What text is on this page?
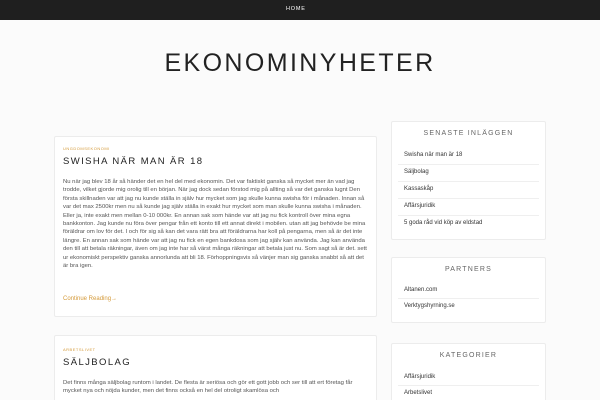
HOME
EKONOMINYHETER
UNGDOMSEKONOMI
SWISHA NÄR MAN ÄR 18

Nu när jag blev 18 år så händer det en hel del med ekonomin. Det var faktiskt ganska så mycket mer än vad jag trodde, vilket gjorde mig orolig till en början. När jag dock sedan förstod mig på allting så var det ganska lugnt Den första skillnaden var att jag nu kunde ställa in själv hur mycket som jag skulle kunna swisha för i månaden. Innan så var det max 2500kr men nu så kunde jag själv ställa in exakt hur mycket som man skulle kunna swisha i månaden. Eller ja, inte exakt men mellan 0-10 000kr. En annan sak som hände var att jag nu fick kontroll över mina egna bankkonton. Jag kunde nu föra över pengar från ett konto till ett annat direkt i mobilen. utan att jag behövde be mina föräldrar om lov för det. I och för sig så kan det vara rätt bra att föräldrarna har koll på pengarna, men så är det inte längre. En annan sak som hände var att jag nu fick en egen bankdosa som jag själv kan använda. Jag kan använda den till att betala räkningar, även om jag inte har så värst många räkningar att betala just nu. Som sagt så är det. sett ur ekonomiskt perspektiv ganska annorlunda att bli 18. Förhoppningsvis så vänjer man sig ganska snabbt så att det är bra igen.

Continue Reading→
ARBETSLIVET
SÄLJBOLAG

Det finns många säljbolag runtom i landet. De flesta är seriösa och gör ett gott jobb och ser till att ert företag får mycket nya och nöjda kunder, men det finns också en hel del otroligt skamlösa och

SENASTE INLÄGGEN
Swisha när man är 18
Säljbolag
Kassaskåp
Affärsjuridik
5 goda råd vid köp av eldstad
PARTNERS
Altanen.com
Verktygshyrning.se
KATEGORIER
Affärsjuridik
Arbetslivet
